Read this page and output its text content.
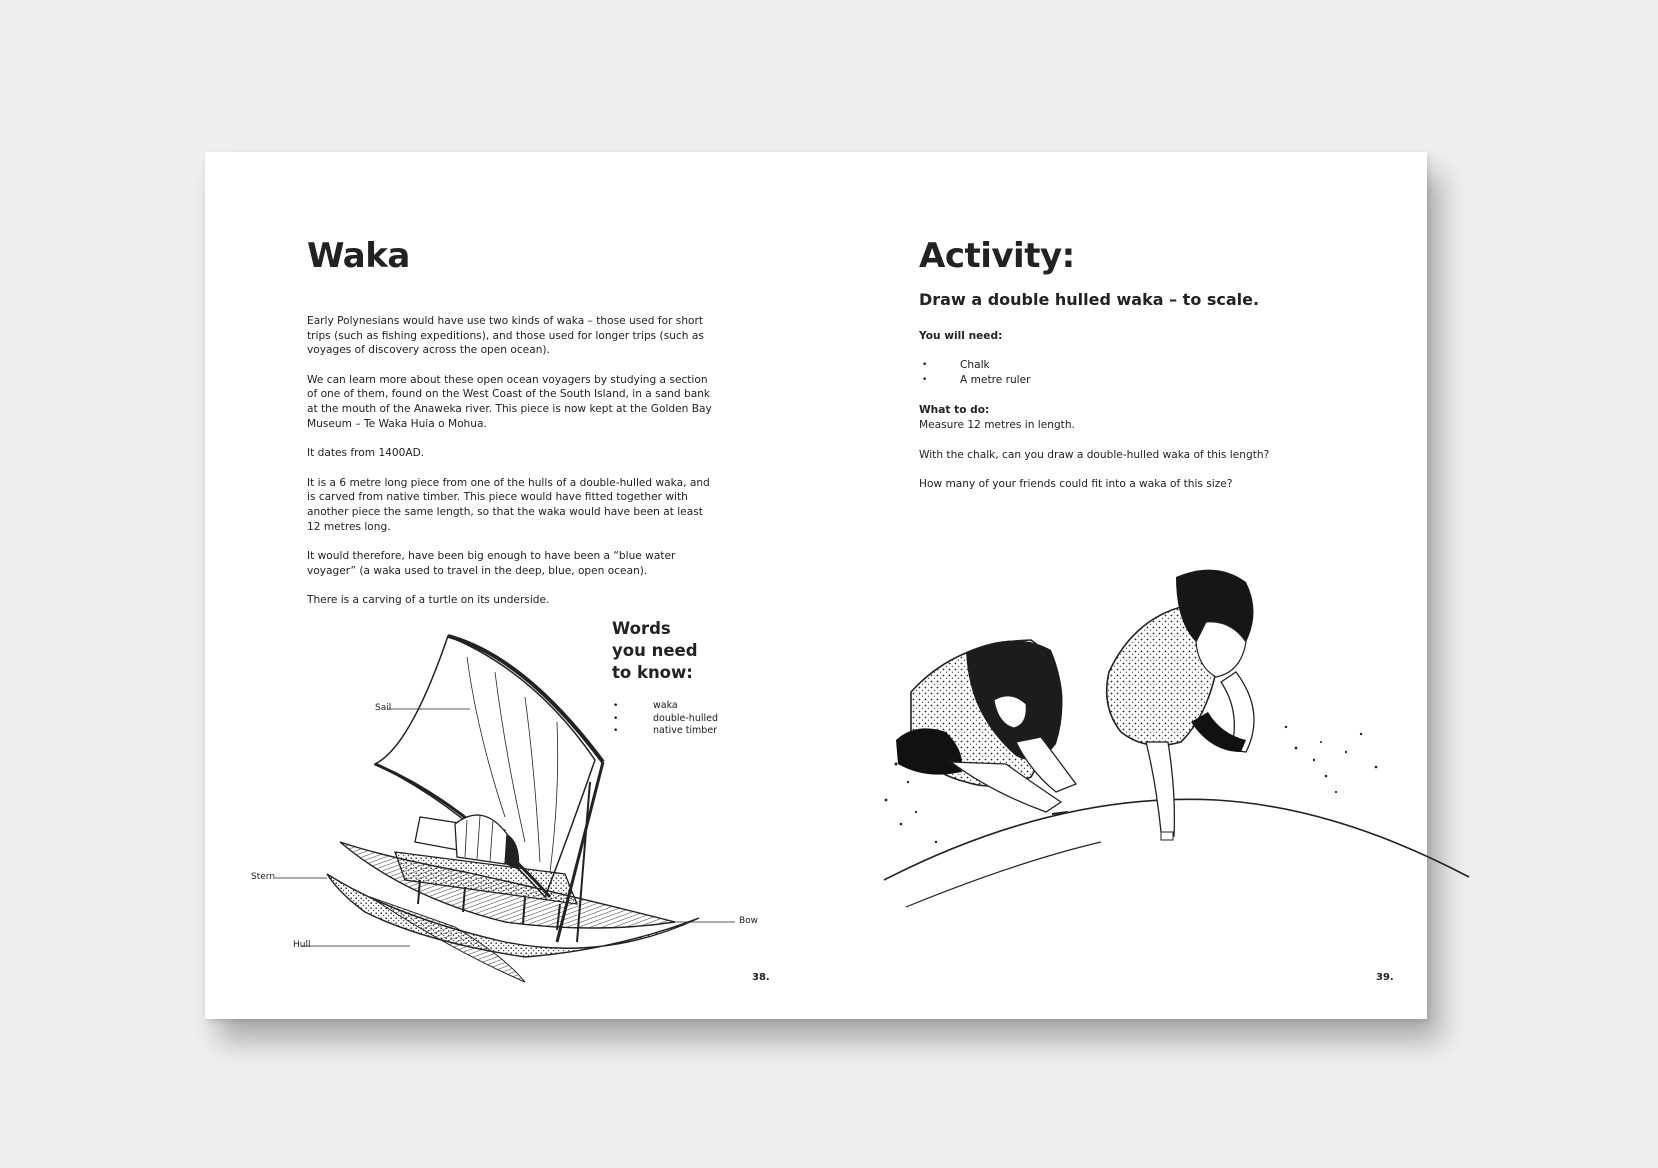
Waka

Early Polynesians would have use two kinds of waka – those used for short trips (such as fishing expeditions), and those used for longer trips (such as voyages of discovery across the open ocean).

We can learn more about these open ocean voyagers by studying a section of one of them, found on the West Coast of the South Island, in a sand bank at the mouth of the Anaweka river. This piece is now kept at the Golden Bay Museum – Te Waka Huia o Mohua.

It dates from 1400AD.

It is a 6 metre long piece from one of the hulls of a double-hulled waka, and is carved from native timber. This piece would have fitted together with another piece the same length, so that the waka would have been at least 12 metres long.

It would therefore, have been big enough to have been a “blue water voyager” (a waka used to travel in the deep, blue, open ocean).

There is a carving of a turtle on its underside.

Words
you need
to know:
• waka
• double-hulled
• native timber
Sail
Stern
Hull
Bow
38.
Activity:
Draw a double hulled waka – to scale.
You will need:
• Chalk
• A metre ruler
What to do:

Measure 12 metres in length.

With the chalk, can you draw a double-hulled waka of this length?

How many of your friends could fit into a waka of this size?

39.
